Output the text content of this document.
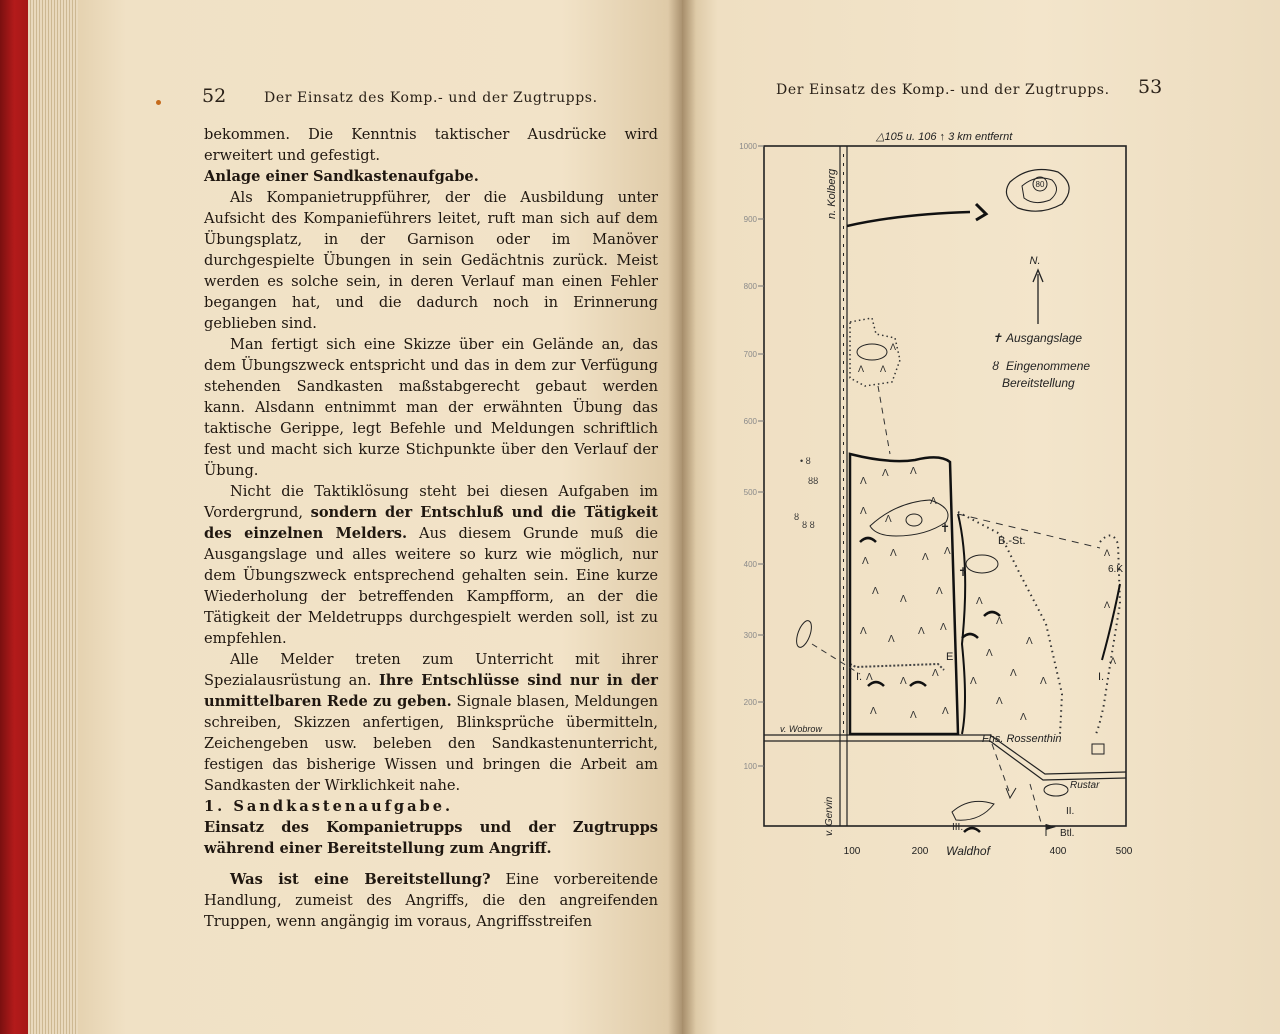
52	Der Einsatz des Komp.- und der Zugtrupps.

bekommen. Die Kenntnis taktischer Ausdrücke wird erweitert und gefestigt.

Anlage einer Sandkastenaufgabe.

Als Kompanietruppführer, der die Ausbildung unter Aufsicht des Kompanieführers leitet, ruft man sich auf dem Übungsplatz, in der Garnison oder im Manöver durchgespielte Übungen in sein Gedächtnis zurück. Meist werden es solche sein, in deren Verlauf man einen Fehler begangen hat, und die dadurch noch in Erinnerung geblieben sind.

Man fertigt sich eine Skizze über ein Gelände an, das dem Übungszweck entspricht und das in dem zur Verfügung stehenden Sandkasten maßstabgerecht gebaut werden kann. Alsdann entnimmt man der erwähnten Übung das taktische Gerippe, legt Befehle und Meldungen schriftlich fest und macht sich kurze Stichpunkte über den Verlauf der Übung.

Nicht die Taktiklösung steht bei diesen Aufgaben im Vordergrund, sondern der Entschluß und die Tätigkeit des einzelnen Melders. Aus diesem Grunde muß die Ausgangslage und alles weitere so kurz wie möglich, nur dem Übungszweck entsprechend gehalten sein. Eine kurze Wiederholung der betreffenden Kampfform, an der die Tätigkeit der Meldetrupps durchgespielt werden soll, ist zu empfehlen.

Alle Melder treten zum Unterricht mit ihrer Spezialausrüstung an. Ihre Entschlüsse sind nur in der unmittelbaren Rede zu geben. Signale blasen, Meldungen schreiben, Skizzen anfertigen, Blinksprüche übermitteln, Zeichengeben usw. beleben den Sandkastenunterricht, festigen das bisherige Wissen und bringen die Arbeit am Sandkasten der Wirklichkeit nahe.

1. Sandkastenaufgabe.

Einsatz des Kompanietrupps und der Zugtrupps während einer Bereitstellung zum Angriff.

Was ist eine Bereitstellung? Eine vorbereitende Handlung, zumeist des Angriffs, die den angreifenden Truppen, wenn angängig im voraus, Angriffsstreifen

Der Einsatz des Komp.- und der Zugtrupps. 53
1000
900
800
700
600
500
400
300
200
100
100	200	400	500
Waldhof
△105 u. 106 ↑ 3 km entfernt
n. Kolberg
v. Gervin
v. Wobrow
80
N.
✝ Ausgangslage
ȣ Eingenommene
Bereitstellung
Λ Λ
Λ
Λ
Λ Λ
Λ
Λ
Λ
Λ
Λ	Λ
Λ
Λ
Λ
Λ
Λ
Λ
Λ Λ
Λ	Λ
Λ
Λ	Λ	Λ
Λ
Λ
Λ
Λ
Λ
Λ
Λ
Λ
Λ
✝
Λ
Λ
Λ
B.-St.
✝
• ȣ
ȣȣ
ȣ
ȣ ȣ
E
I.
6.K
I.
Fhs. Rossenthin
Rustar
II.
III.
Btl.
